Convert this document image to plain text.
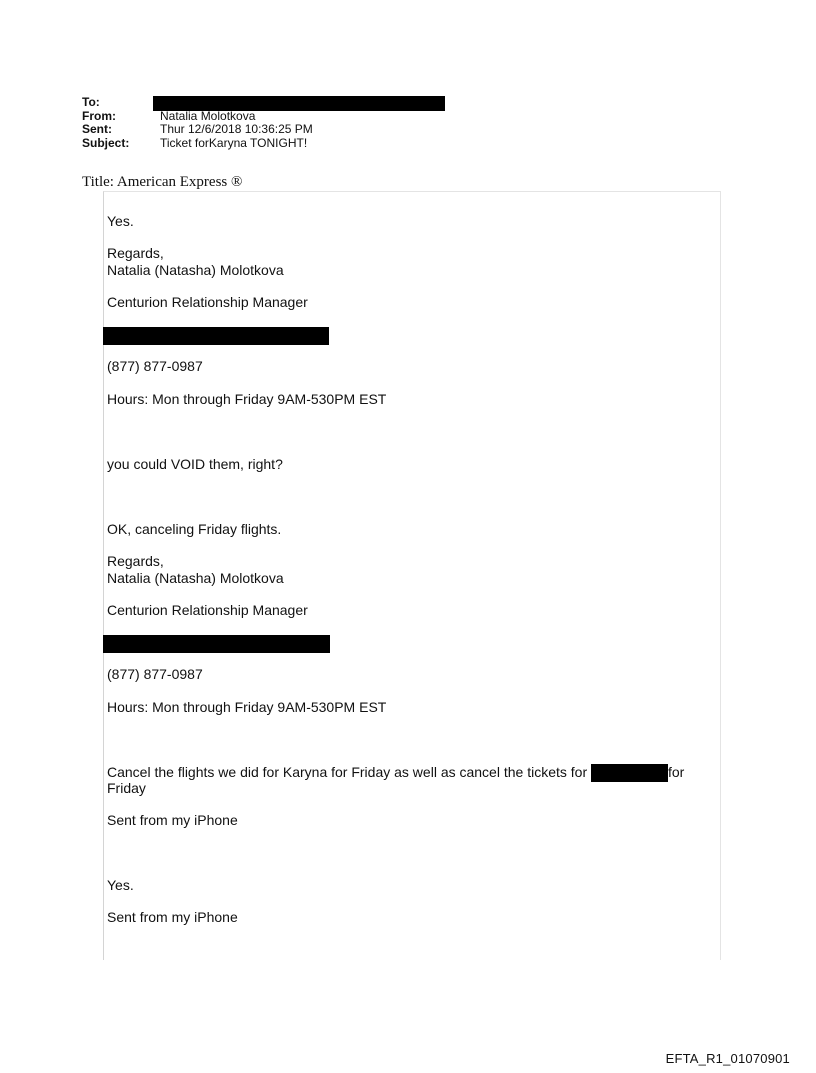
To:
From:	Natalia Molotkova
Sent:	Thur 12/6/2018 10:36:25 PM
Subject:	Ticket forKaryna TONIGHT!
Title: American Express ®
Yes.
Regards,
Natalia (Natasha) Molotkova
Centurion Relationship Manager
(877) 877-0987
Hours: Mon through Friday 9AM-530PM EST
you could VOID them, right?
OK, canceling Friday flights.
Regards,
Natalia (Natasha) Molotkova
Centurion Relationship Manager
(877) 877-0987
Hours: Mon through Friday 9AM-530PM EST
Cancel the flights we did for Karyna for Friday as well as cancel the tickets for	for
Friday
Sent from my iPhone
Yes.
Sent from my iPhone
EFTA_R1_01070901
